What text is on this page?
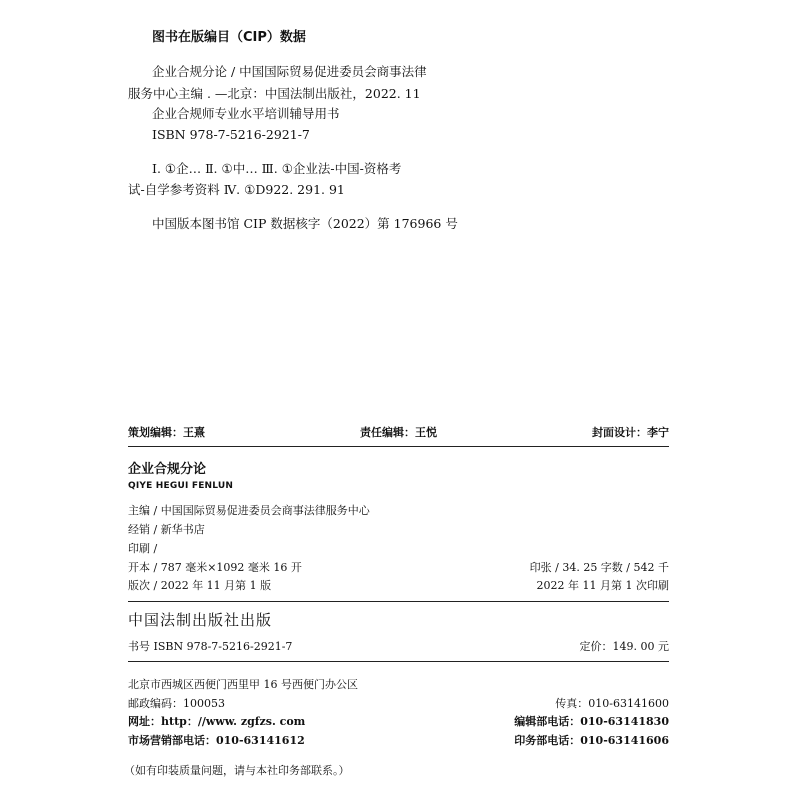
图书在版编目（CIP）数据
企业合规分论 / 中国国际贸易促进委员会商事法律
服务中心主编 . —北京：中国法制出版社，2022. 11
企业合规师专业水平培训辅导用书
ISBN 978-7-5216-2921-7
Ⅰ. ①企… Ⅱ. ①中… Ⅲ. ①企业法-中国-资格考
试-自学参考资料 Ⅳ. ①D922. 291. 91
中国版本图书馆 CIP 数据核字（2022）第 176966 号
策划编辑：王熹	责任编辑：王悦	封面设计：李宁
企业合规分论
QIYE HEGUI FENLUN
主编 / 中国国际贸易促进委员会商事法律服务中心
经销 / 新华书店
印刷 /
开本 / 787 毫米×1092 毫米 16 开	印张 / 34. 25 字数 / 542 千
版次 / 2022 年 11 月第 1 版	2022 年 11 月第 1 次印刷
中国法制出版社出版
书号 ISBN 978-7-5216-2921-7	定价：149. 00 元
北京市西城区西便门西里甲 16 号西便门办公区
邮政编码：100053	传真：010-63141600
网址：http：//www. zgfzs. com	编辑部电话：010-63141830
市场营销部电话：010-63141612	印务部电话：010-63141606
（如有印装质量问题，请与本社印务部联系。）
